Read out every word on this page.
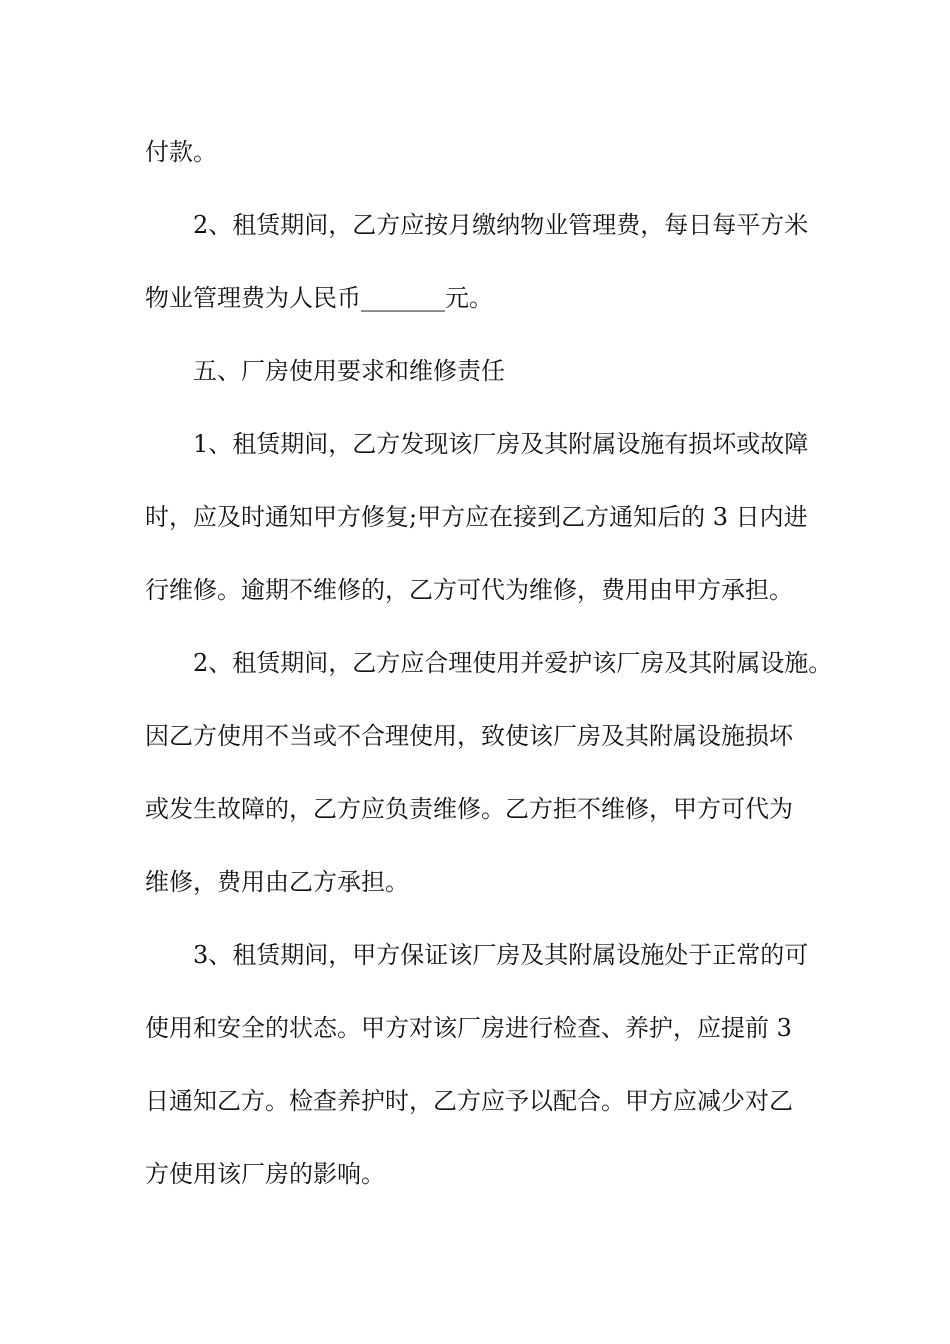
付款。
2、租赁期间，乙方应按月缴纳物业管理费，每日每平方米
物业管理费为人民币_______元。
五、厂房使用要求和维修责任
1、租赁期间，乙方发现该厂房及其附属设施有损坏或故障
时，应及时通知甲方修复;甲方应在接到乙方通知后的 3 日内进
行维修。逾期不维修的，乙方可代为维修，费用由甲方承担。
2、租赁期间，乙方应合理使用并爱护该厂房及其附属设施。
因乙方使用不当或不合理使用，致使该厂房及其附属设施损坏
或发生故障的，乙方应负责维修。乙方拒不维修，甲方可代为
维修，费用由乙方承担。
3、租赁期间，甲方保证该厂房及其附属设施处于正常的可
使用和安全的状态。甲方对该厂房进行检查、养护，应提前 3
日通知乙方。检查养护时，乙方应予以配合。甲方应减少对乙
方使用该厂房的影响。
